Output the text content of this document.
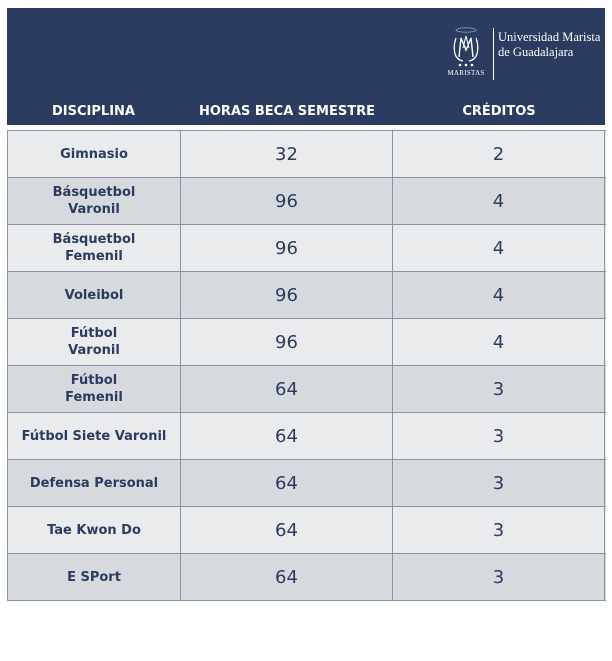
MARISTAS
Universidad Marista
de Guadalajara
DISCIPLINA	HORAS BECA SEMESTRE	CRÉDITOS
Gimnasio	32	2
Básquetbol
Varonil	96	4
Básquetbol
Femenil	96	4
Voleibol	96	4
Fútbol
Varonil	96	4
Fútbol
Femenil	64	3
Fútbol Siete Varonil	64	3
Defensa Personal	64	3
Tae Kwon Do	64	3
E SPort	64	3
